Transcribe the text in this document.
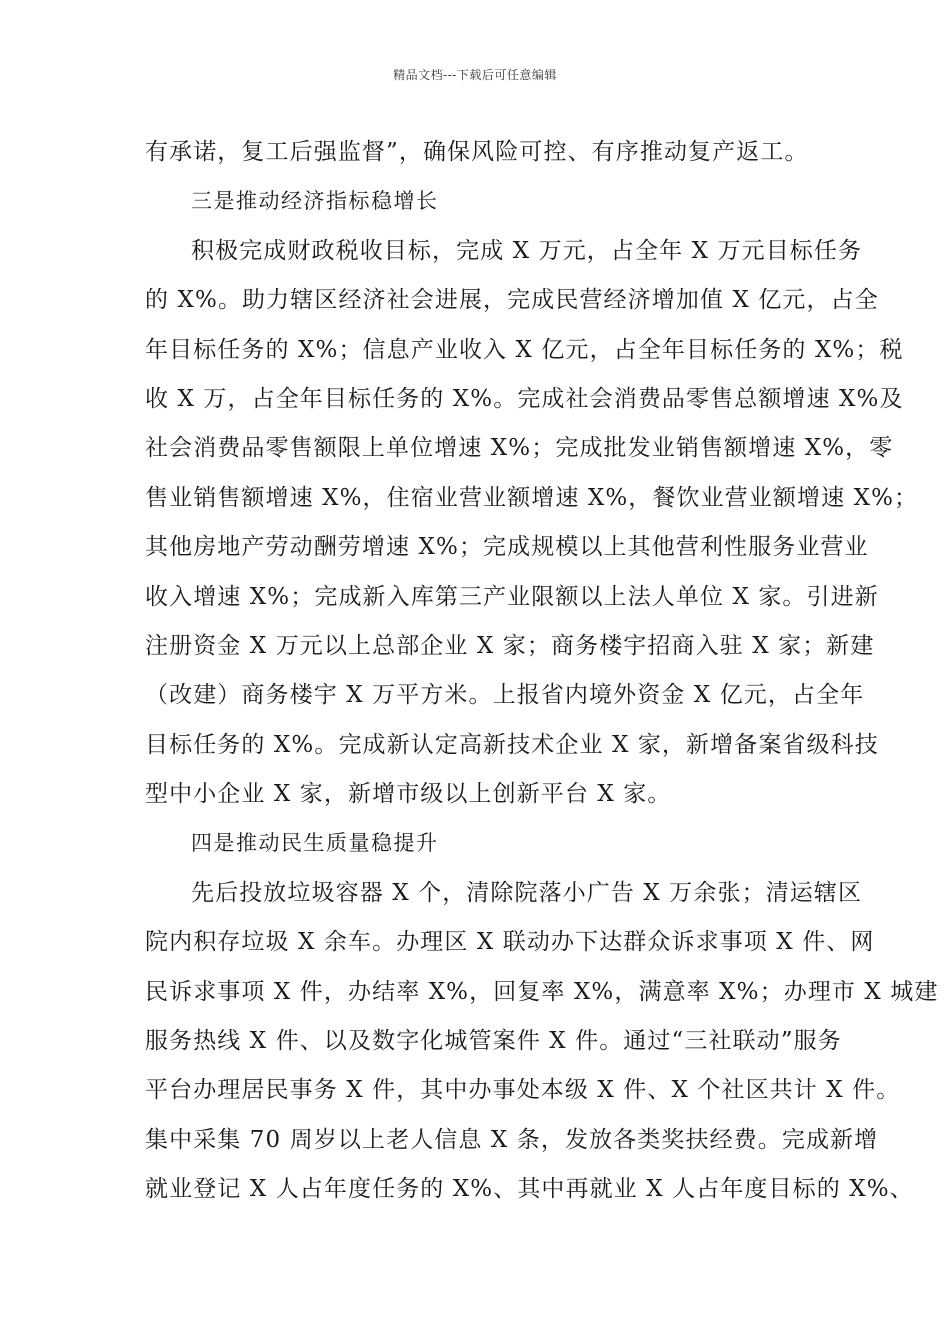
精品文档---下载后可任意编辑
有承诺，复工后强监督”，确保风险可控、有序推动复产返工。
三是推动经济指标稳增长
积极完成财政税收目标，完成 X 万元，占全年 X 万元目标任务
的 X%。助力辖区经济社会进展，完成民营经济增加值 X 亿元，占全
年目标任务的 X%；信息产业收入 X 亿元，占全年目标任务的 X%；税
收 X 万，占全年目标任务的 X%。完成社会消费品零售总额增速 X%及
社会消费品零售额限上单位增速 X%；完成批发业销售额增速 X%，零
售业销售额增速 X%，住宿业营业额增速 X%，餐饮业营业额增速 X%；
其他房地产劳动酬劳增速 X%；完成规模以上其他营利性服务业营业
收入增速 X%；完成新入库第三产业限额以上法人单位 X 家。引进新
注册资金 X 万元以上总部企业 X 家；商务楼宇招商入驻 X 家；新建
（改建）商务楼宇 X 万平方米。上报省内境外资金 X 亿元，占全年
目标任务的 X%。完成新认定高新技术企业 X 家，新增备案省级科技
型中小企业 X 家，新增市级以上创新平台 X 家。
四是推动民生质量稳提升
先后投放垃圾容器 X 个，清除院落小广告 X 万余张；清运辖区
院内积存垃圾 X 余车。办理区 X 联动办下达群众诉求事项 X 件、网
民诉求事项 X 件，办结率 X%，回复率 X%，满意率 X%；办理市 X 城建
服务热线 X 件、以及数字化城管案件 X 件。通过“三社联动”服务
平台办理居民事务 X 件，其中办事处本级 X 件、X 个社区共计 X 件。
集中采集 70 周岁以上老人信息 X 条，发放各类奖扶经费。完成新增
就业登记 X 人占年度任务的 X%、其中再就业 X 人占年度目标的 X%、
